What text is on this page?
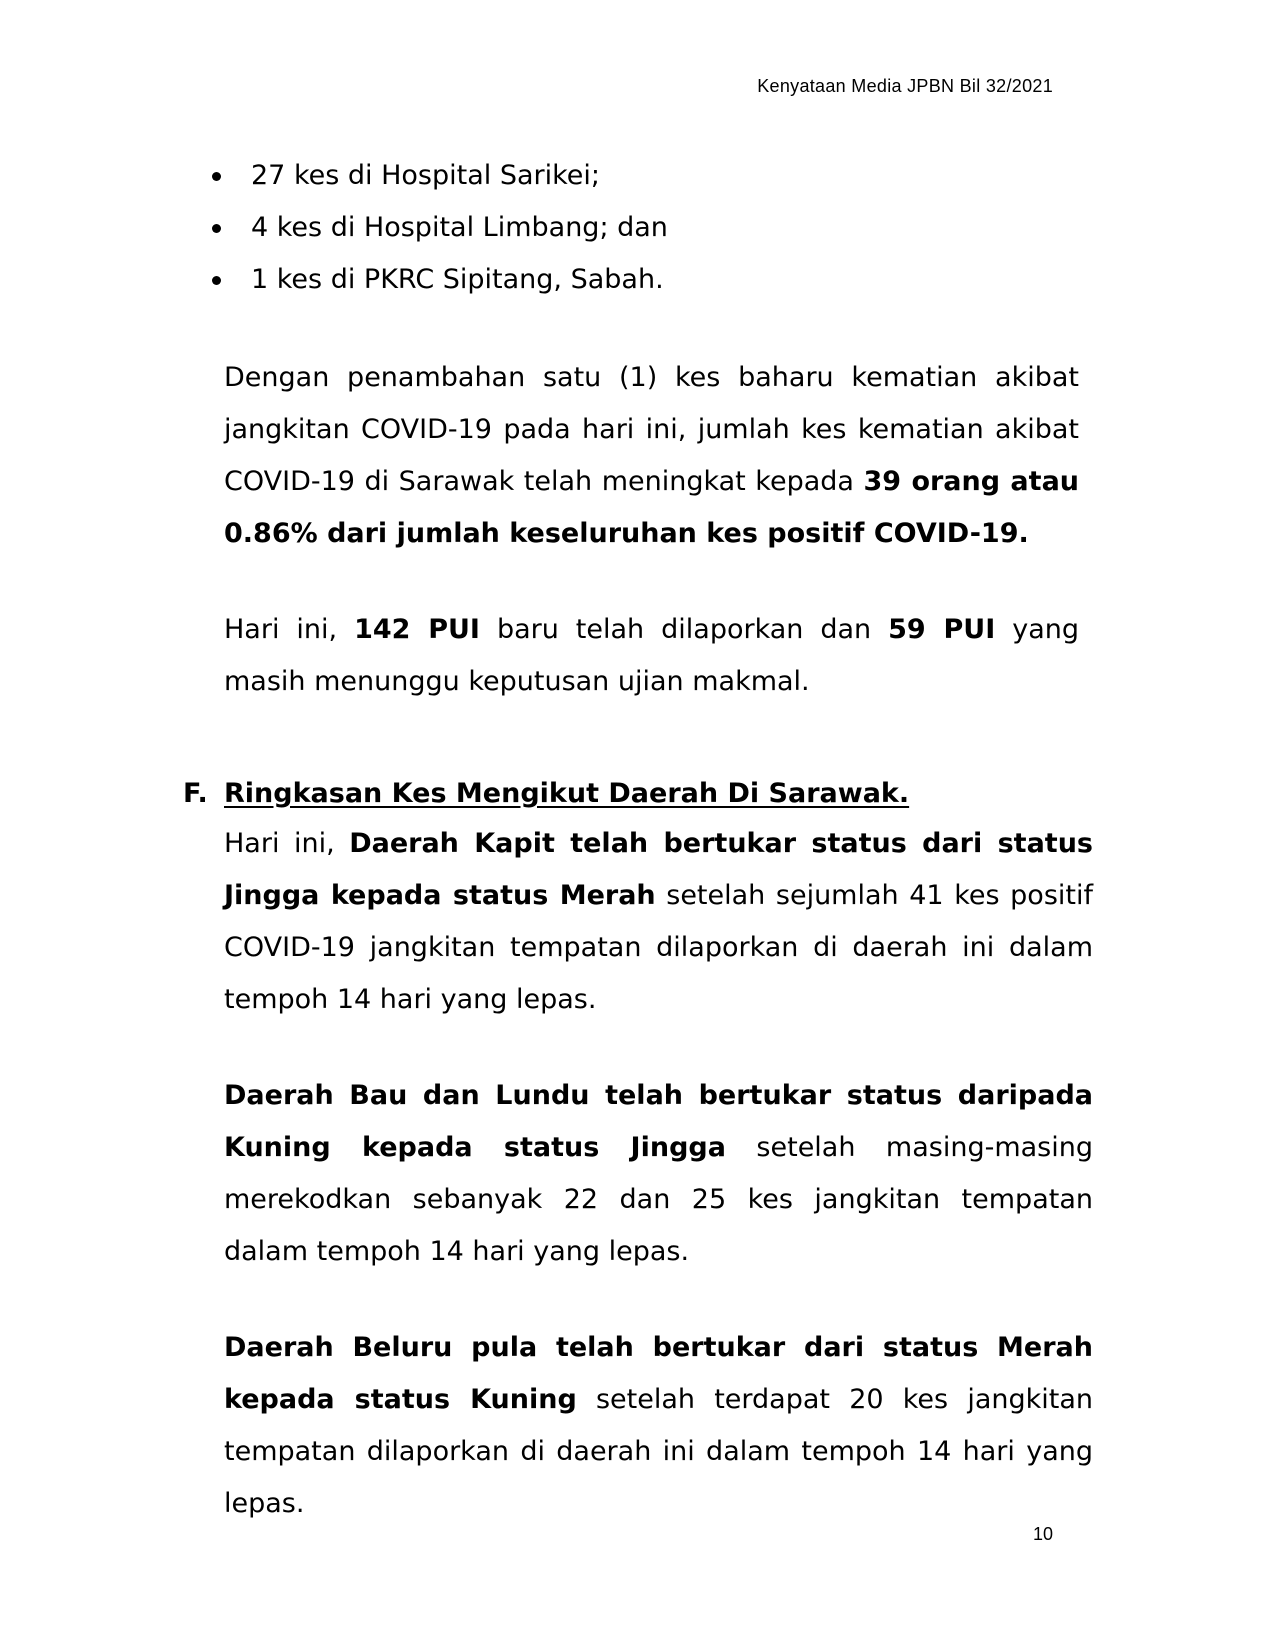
Kenyataan Media JPBN Bil 32/2021
27 kes di Hospital Sarikei;
4 kes di Hospital Limbang; dan
1 kes di PKRC Sipitang, Sabah.

Dengan penambahan satu (1) kes baharu kematian akibat jangkitan COVID-19 pada hari ini, jumlah kes kematian akibat COVID-19 di Sarawak telah meningkat kepada 39 orang atau 0.86% dari jumlah keseluruhan kes positif COVID-19.

Hari ini, 142 PUI baru telah dilaporkan dan 59 PUI yang masih menunggu keputusan ujian makmal.

F. Ringkasan Kes Mengikut Daerah Di Sarawak.

Hari ini, Daerah Kapit telah bertukar status dari status Jingga kepada status Merah setelah sejumlah 41 kes positif COVID-19 jangkitan tempatan dilaporkan di daerah ini dalam tempoh 14 hari yang lepas.

Daerah Bau dan Lundu telah bertukar status daripada Kuning kepada status Jingga setelah masing-masing merekodkan sebanyak 22 dan 25 kes jangkitan tempatan dalam tempoh 14 hari yang lepas.

Daerah Beluru pula telah bertukar dari status Merah kepada status Kuning setelah terdapat 20 kes jangkitan tempatan dilaporkan di daerah ini dalam tempoh 14 hari yang lepas.

10
